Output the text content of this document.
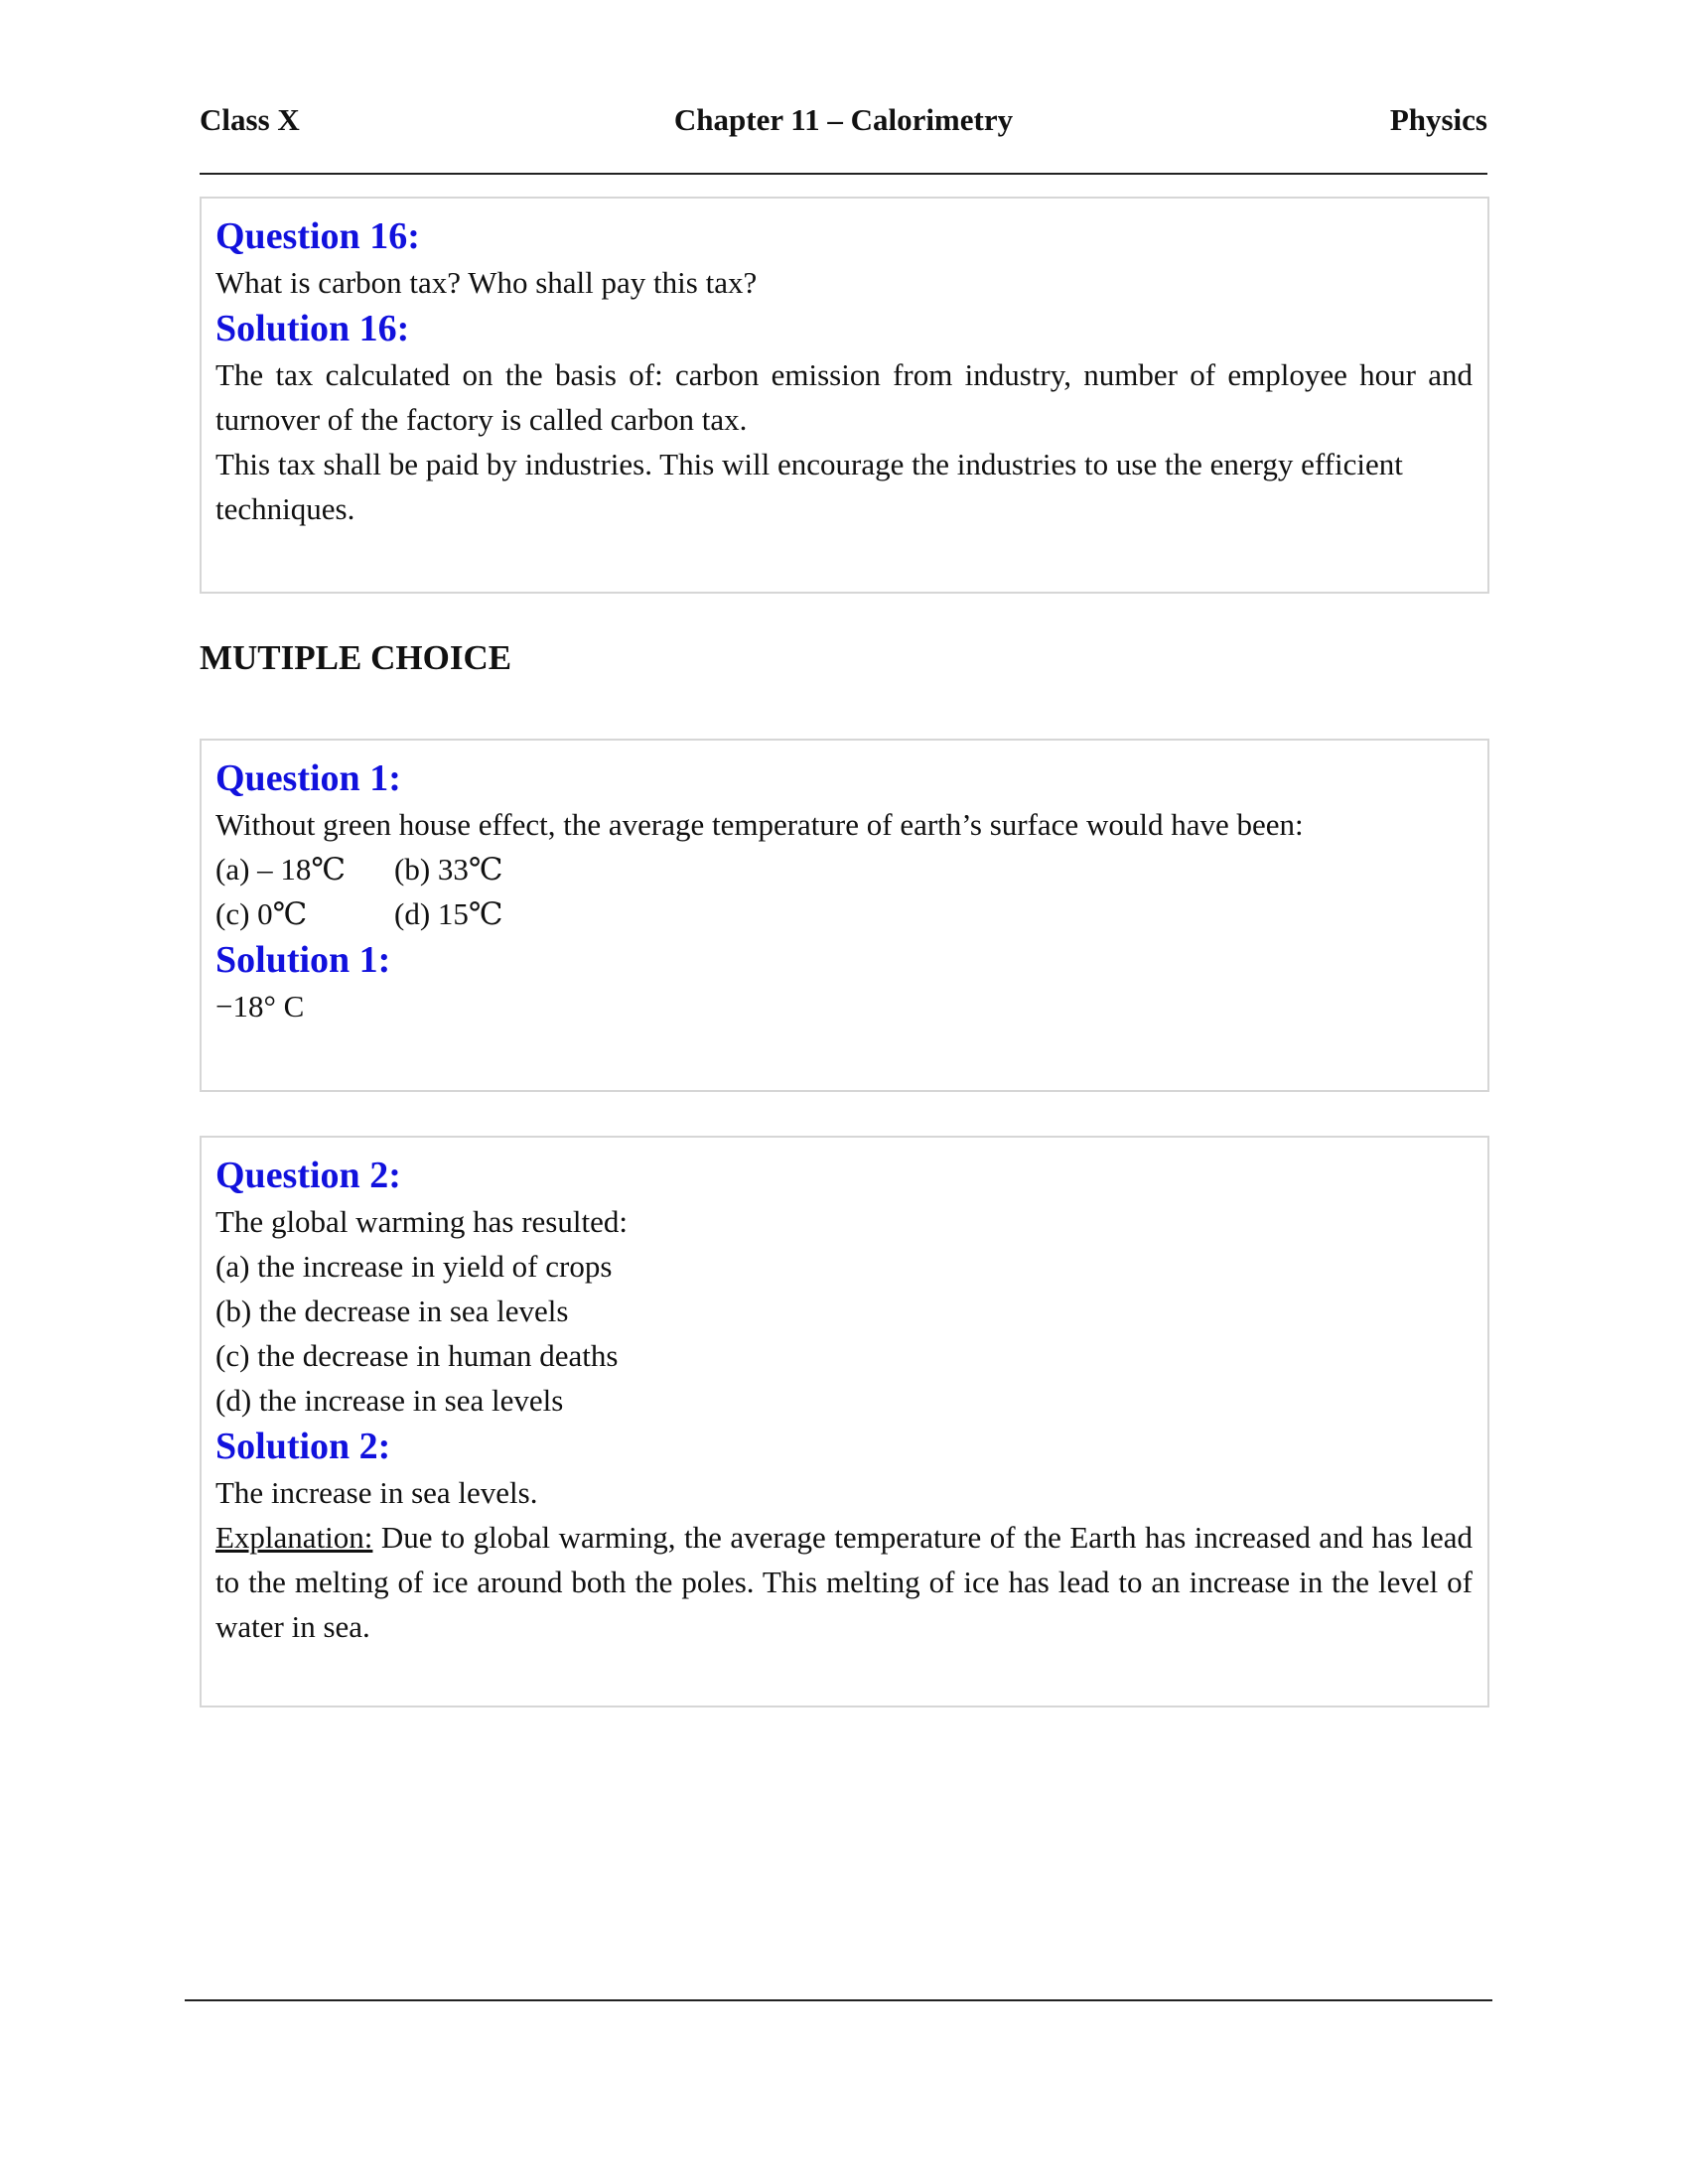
Chapter 11 – Calorimetry
Class X	Physics

Question 16:

What is carbon tax? Who shall pay this tax?

Solution 16:

The tax calculated on the basis of: carbon emission from industry, number of employee hour and turnover of the factory is called carbon tax.

This tax shall be paid by industries. This will encourage the industries to use the energy efficient techniques.

MUTIPLE CHOICE

Question 1:

Without green house effect, the average temperature of earth’s surface would have been:

(a) – 18℃	(b) 33℃
(c) 0℃	(d) 15℃

Solution 1:

−18° C

Question 2:

The global warming has resulted:

(a) the increase in yield of crops

(b) the decrease in sea levels

(c) the decrease in human deaths

(d) the increase in sea levels

Solution 2:

The increase in sea levels.

Explanation: Due to global warming, the average temperature of the Earth has increased and has lead to the melting of ice around both the poles. This melting of ice has lead to an increase in the level of water in sea.
